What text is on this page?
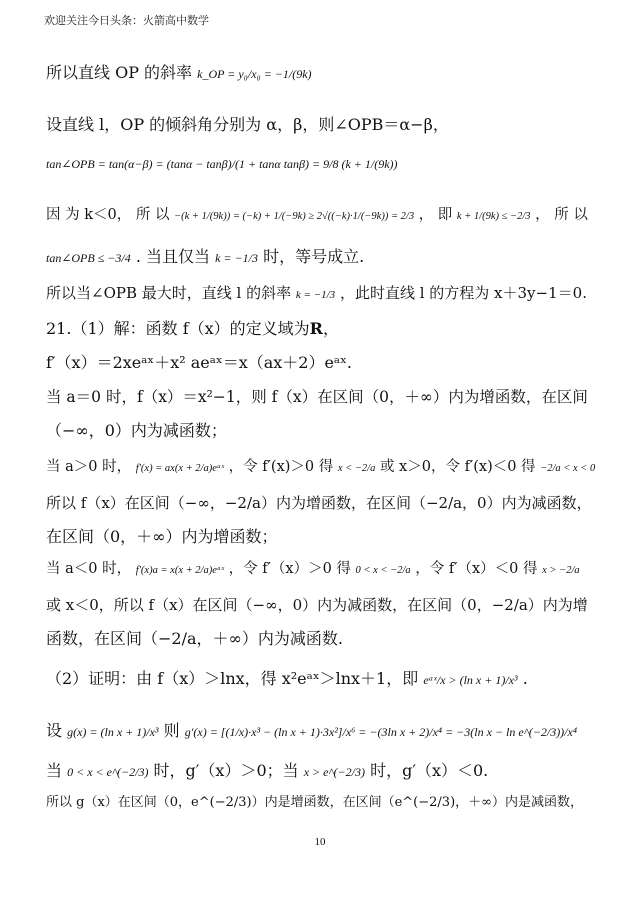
欢迎关注今日头条：火箭高中数学
所以直线 OP 的斜率 k_OP = y₀/x₀ = −1/(9k)
设直线 l，OP 的倾斜角分别为 α，β，则∠OPB＝α−β，
tan∠OPB = tan(α−β) = (tanα − tanβ)/(1 + tanα tanβ) = 9/8 (k + 1/(9k))
因 为 k＜0， 所 以 −(k + 1/(9k)) = (−k) + 1/(−9k) ≥ 2√((−k)·1/(−9k)) = 2/3 ， 即 k + 1/(9k) ≤ −2/3 ， 所 以
tan∠OPB ≤ −3/4 . 当且仅当 k = −1/3 时，等号成立.
所以当∠OPB 最大时，直线 l 的斜率 k = −1/3 ，此时直线 l 的方程为 x＋3y−1＝0.
21.（1）解：函数 f（x）的定义域为R，
f′（x）＝2xeᵃˣ＋x² aeᵃˣ＝x（ax＋2）eᵃˣ.
当 a＝0 时，f（x）＝x²−1，则 f（x）在区间（0，＋∞）内为增函数，在区间
（−∞，0）内为减函数；
当 a＞0 时， f′(x) = ax(x + 2/a)eᵃˣ ，令 f′(x)＞0 得 x < −2/a 或 x＞0，令 f′(x)＜0 得 −2/a < x < 0
所以 f（x）在区间（−∞，−2/a）内为增函数，在区间（−2/a，0）内为减函数，
在区间（0，＋∞）内为增函数；
当 a＜0 时， f′(x)a = x(x + 2/a)eᵃˣ ，令 f′（x）＞0 得 0 < x < −2/a ，令 f′（x）＜0 得 x > −2/a
或 x＜0，所以 f（x）在区间（−∞，0）内为减函数，在区间（0，−2/a）内为增
函数，在区间（−2/a，＋∞）内为减函数.
（2）证明：由 f（x）＞lnx，得 x²eᵃˣ＞lnx＋1，即 eᵃˣ/x > (ln x + 1)/x³ .
设 g(x) = (ln x + 1)/x³ 则 g′(x) = [(1/x)·x³ − (ln x + 1)·3x²]/x⁶ = −(3ln x + 2)/x⁴ = −3(ln x − ln e^(−2/3))/x⁴
当 0 < x < e^(−2/3) 时，g′（x）＞0；当 x > e^(−2/3) 时，g′（x）＜0.
所以 g（x）在区间（0，e^(−2/3)）内是增函数，在区间（e^(−2/3)，＋∞）内是减函数，
10
